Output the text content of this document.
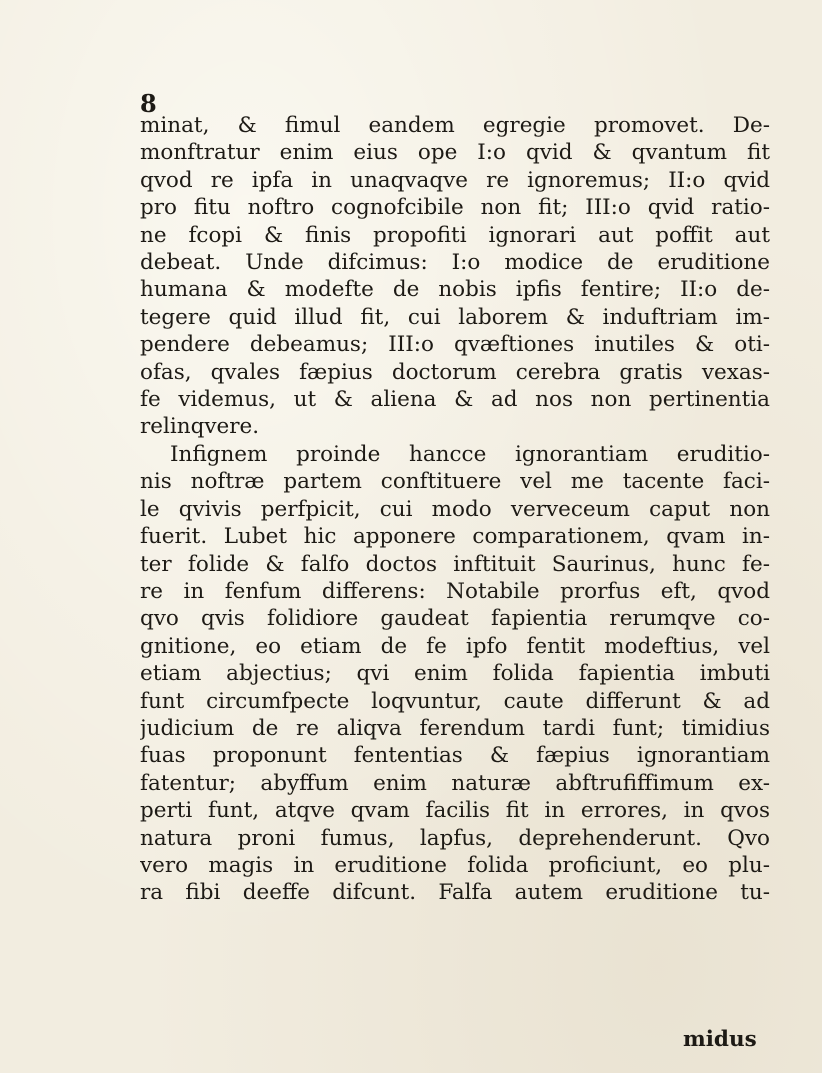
8
minat, & fimul eandem egregie promovet. De-
monftratur enim eius ope I:o qvid & qvantum fit
qvod re ipfa in unaqvaqve re ignoremus; II:o qvid
pro fitu noftro cognofcibile non fit; III:o qvid ratio-
ne fcopi & finis propofiti ignorari aut poffit aut
debeat. Unde difcimus: I:o modice de eruditione
humana & modefte de nobis ipfis fentire; II:o de-
tegere quid illud fit, cui laborem & induftriam im-
pendere debeamus; III:o qvæftiones inutiles & oti-
ofas, qvales fæpius doctorum cerebra gratis vexas-
fe videmus, ut & aliena & ad nos non pertinentia
relinqvere.
Infignem proinde hancce ignorantiam eruditio-
nis noftræ partem conftituere vel me tacente faci-
le qvivis perfpicit, cui modo verveceum caput non
fuerit. Lubet hic apponere comparationem, qvam in-
ter folide & falfo doctos inftituit Saurinus, hunc fe-
re in fenfum differens: Notabile prorfus eft, qvod
qvo qvis folidiore gaudeat fapientia rerumqve co-
gnitione, eo etiam de fe ipfo fentit modeftius, vel
etiam abjectius; qvi enim folida fapientia imbuti
funt circumfpecte loqvuntur, caute differunt & ad
judicium de re aliqva ferendum tardi funt; timidius
fuas proponunt fententias & fæpius ignorantiam
fatentur; abyffum enim naturæ abftrufiffimum ex-
perti funt, atqve qvam facilis fit in errores, in qvos
natura proni fumus, lapfus, deprehenderunt. Qvo
vero magis in eruditione folida proficiunt, eo plu-
ra fibi deeffe difcunt. Falfa autem eruditione tu-
midus
